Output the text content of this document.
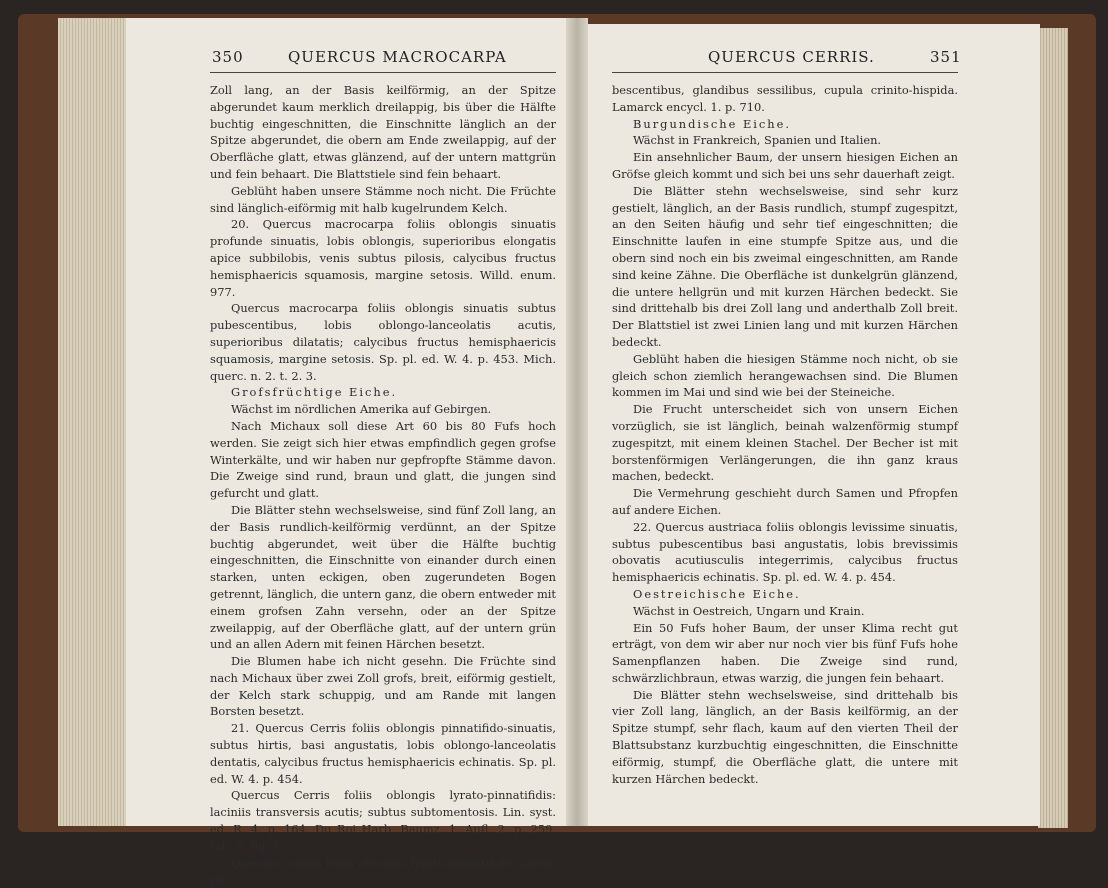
350	QUERCUS MACROCARPA	QUERCUS CERRIS.	351

Zoll lang, an der Basis keilförmig, an der Spitze abgerundet kaum merklich dreilappig, bis über die Hälfte buchtig eingeschnitten, die Einschnitte länglich an der Spitze abgerundet, die obern am Ende zweilappig, auf der Oberfläche glatt, etwas glänzend, auf der untern mattgrün und fein behaart. Die Blattstiele sind fein behaart.

Geblüht haben unsere Stämme noch nicht. Die Früchte sind länglich-eiförmig mit halb kugelrundem Kelch.

20. Quercus macrocarpa foliis oblongis sinuatis profunde sinuatis, lobis oblongis, superioribus elongatis apice subbilobis, venis subtus pilosis, calycibus fructus hemisphaericis squamosis, margine setosis. Willd. enum. 977.

Quercus macrocarpa foliis oblongis sinuatis subtus pubescentibus, lobis oblongo-lanceolatis acutis, superioribus dilatatis; calycibus fructus hemisphaericis squamosis, margine setosis. Sp. pl. ed. W. 4. p. 453. Mich. querc. n. 2. t. 2. 3.

Grofsfrüchtige Eiche.

Wächst im nördlichen Amerika auf Gebirgen.

Nach Michaux soll diese Art 60 bis 80 Fufs hoch werden. Sie zeigt sich hier etwas empfindlich gegen grofse Winterkälte, und wir haben nur gepfropfte Stämme davon. Die Zweige sind rund, braun und glatt, die jungen sind gefurcht und glatt.

Die Blätter stehn wechselsweise, sind fünf Zoll lang, an der Basis rundlich-keilförmig verdünnt, an der Spitze buchtig abgerundet, weit über die Hälfte buchtig eingeschnitten, die Einschnitte von einander durch einen starken, unten eckigen, oben zugerundeten Bogen getrennt, länglich, die untern ganz, die obern entweder mit einem grofsen Zahn versehn, oder an der Spitze zweilappig, auf der Oberfläche glatt, auf der untern grün und an allen Adern mit feinen Härchen besetzt.

Die Blumen habe ich nicht gesehn. Die Früchte sind nach Michaux über zwei Zoll grofs, breit, eiförmig gestielt, der Kelch stark schuppig, und am Rande mit langen Borsten besetzt.

21. Quercus Cerris foliis oblongis pinnatifido-sinuatis, subtus hirtis, basi angustatis, lobis oblongo-lanceolatis dentatis, calycibus fructus hemisphaericis echinatis. Sp. pl. ed. W. 4. p. 454.

Quercus Cerris foliis oblongis lyrato-pinnatifidis: laciniis transversis acutis; subtus subtomentosis. Lin. syst. ed. R. 4. p. 164. Du Roi Harb. Baumz. 1. Aufl. 2. p. 259. tab. 5. fig. 1.

Quercus crinita foliis oblongis lyrato-pinnatifidis subtus pu-

bescentibus, glandibus sessilibus, cupula crinito-hispida. Lamarck encycl. 1. p. 710.

Burgundische Eiche.

Wächst in Frankreich, Spanien und Italien.

Ein ansehnlicher Baum, der unsern hiesigen Eichen an Gröfse gleich kommt und sich bei uns sehr dauerhaft zeigt.

Die Blätter stehn wechselsweise, sind sehr kurz gestielt, länglich, an der Basis rundlich, stumpf zugespitzt, an den Seiten häufig und sehr tief eingeschnitten; die Einschnitte laufen in eine stumpfe Spitze aus, und die obern sind noch ein bis zweimal eingeschnitten, am Rande sind keine Zähne. Die Oberfläche ist dunkelgrün glänzend, die untere hellgrün und mit kurzen Härchen bedeckt. Sie sind drittehalb bis drei Zoll lang und anderthalb Zoll breit. Der Blattstiel ist zwei Linien lang und mit kurzen Härchen bedeckt.

Geblüht haben die hiesigen Stämme noch nicht, ob sie gleich schon ziemlich herangewachsen sind. Die Blumen kommen im Mai und sind wie bei der Steineiche.

Die Frucht unterscheidet sich von unsern Eichen vorzüglich, sie ist länglich, beinah walzenförmig stumpf zugespitzt, mit einem kleinen Stachel. Der Becher ist mit borstenförmigen Verlängerungen, die ihn ganz kraus machen, bedeckt.

Die Vermehrung geschieht durch Samen und Pfropfen auf andere Eichen.

22. Quercus austriaca foliis oblongis levissime sinuatis, subtus pubescentibus basi angustatis, lobis brevissimis obovatis acutiusculis integerrimis, calycibus fructus hemisphaericis echinatis. Sp. pl. ed. W. 4. p. 454.

Oestreichische Eiche.

Wächst in Oestreich, Ungarn und Krain.

Ein 50 Fufs hoher Baum, der unser Klima recht gut erträgt, von dem wir aber nur noch vier bis fünf Fufs hohe Samenpflanzen haben. Die Zweige sind rund, schwärzlichbraun, etwas warzig, die jungen fein behaart.

Die Blätter stehn wechselsweise, sind drittehalb bis vier Zoll lang, länglich, an der Basis keilförmig, an der Spitze stumpf, sehr flach, kaum auf den vierten Theil der Blattsubstanz kurzbuchtig eingeschnitten, die Einschnitte eiförmig, stumpf, die Oberfläche glatt, die untere mit kurzen Härchen bedeckt.
